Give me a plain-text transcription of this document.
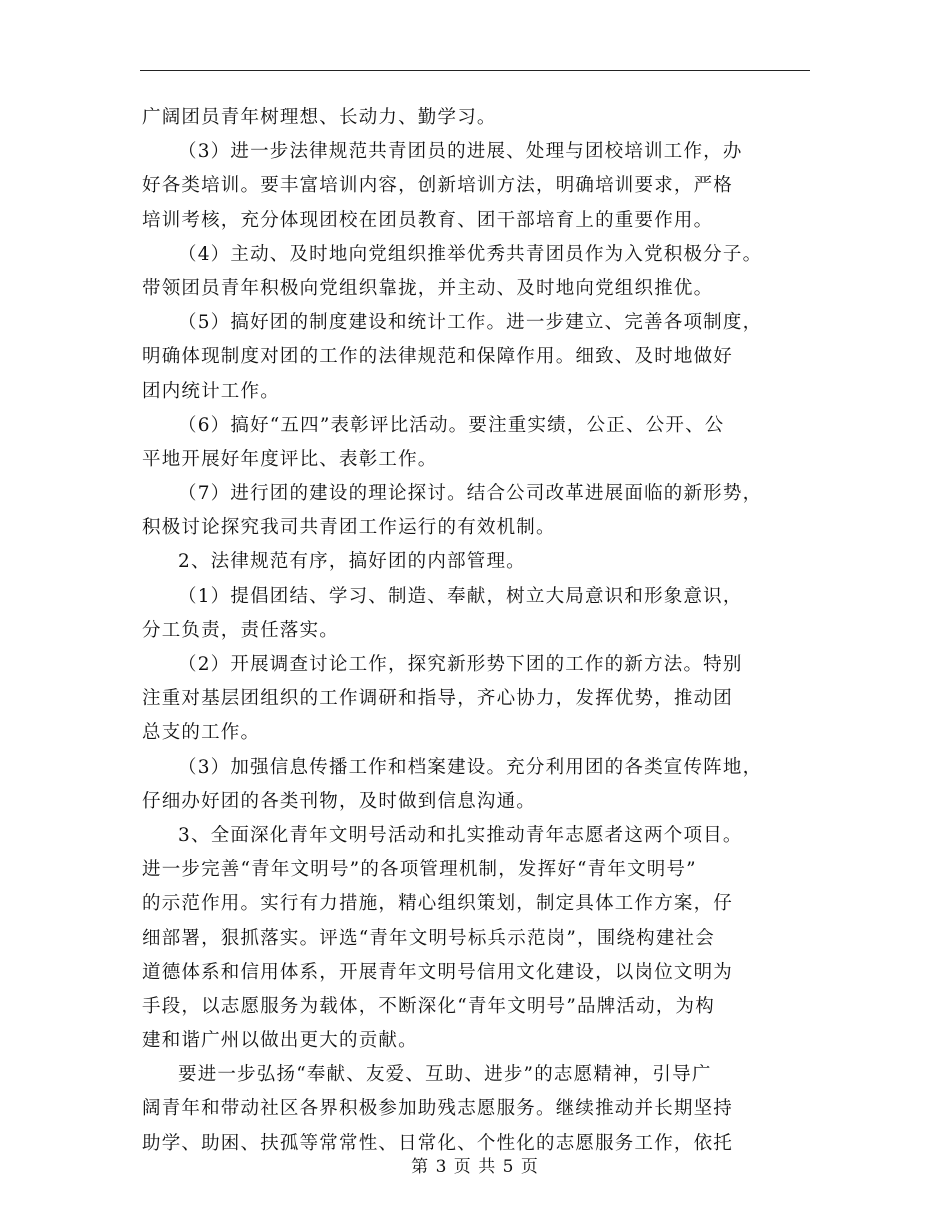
广阔团员青年树理想、长动力、勤学习。
（3）进一步法律规范共青团员的进展、处理与团校培训工作，办
好各类培训。要丰富培训内容，创新培训方法，明确培训要求，严格
培训考核，充分体现团校在团员教育、团干部培育上的重要作用。
（4）主动、及时地向党组织推举优秀共青团员作为入党积极分子。
带领团员青年积极向党组织靠拢，并主动、及时地向党组织推优。
（5）搞好团的制度建设和统计工作。进一步建立、完善各项制度，
明确体现制度对团的工作的法律规范和保障作用。细致、及时地做好
团内统计工作。
（6）搞好“五四”表彰评比活动。要注重实绩，公正、公开、公
平地开展好年度评比、表彰工作。
（7）进行团的建设的理论探讨。结合公司改革进展面临的新形势，
积极讨论探究我司共青团工作运行的有效机制。
2、法律规范有序，搞好团的内部管理。
（1）提倡团结、学习、制造、奉献，树立大局意识和形象意识，
分工负责，责任落实。
（2）开展调查讨论工作，探究新形势下团的工作的新方法。特别
注重对基层团组织的工作调研和指导，齐心协力，发挥优势，推动团
总支的工作。
（3）加强信息传播工作和档案建设。充分利用团的各类宣传阵地，
仔细办好团的各类刊物，及时做到信息沟通。
3、全面深化青年文明号活动和扎实推动青年志愿者这两个项目。
进一步完善“青年文明号”的各项管理机制，发挥好“青年文明号”
的示范作用。实行有力措施，精心组织策划，制定具体工作方案，仔
细部署，狠抓落实。评选“青年文明号标兵示范岗”，围绕构建社会
道德体系和信用体系，开展青年文明号信用文化建设，以岗位文明为
手段，以志愿服务为载体，不断深化“青年文明号”品牌活动，为构
建和谐广州以做出更大的贡献。
要进一步弘扬“奉献、友爱、互助、进步”的志愿精神，引导广
阔青年和带动社区各界积极参加助残志愿服务。继续推动并长期坚持
助学、助困、扶孤等常常性、日常化、个性化的志愿服务工作，依托
第 3 页 共 5 页
